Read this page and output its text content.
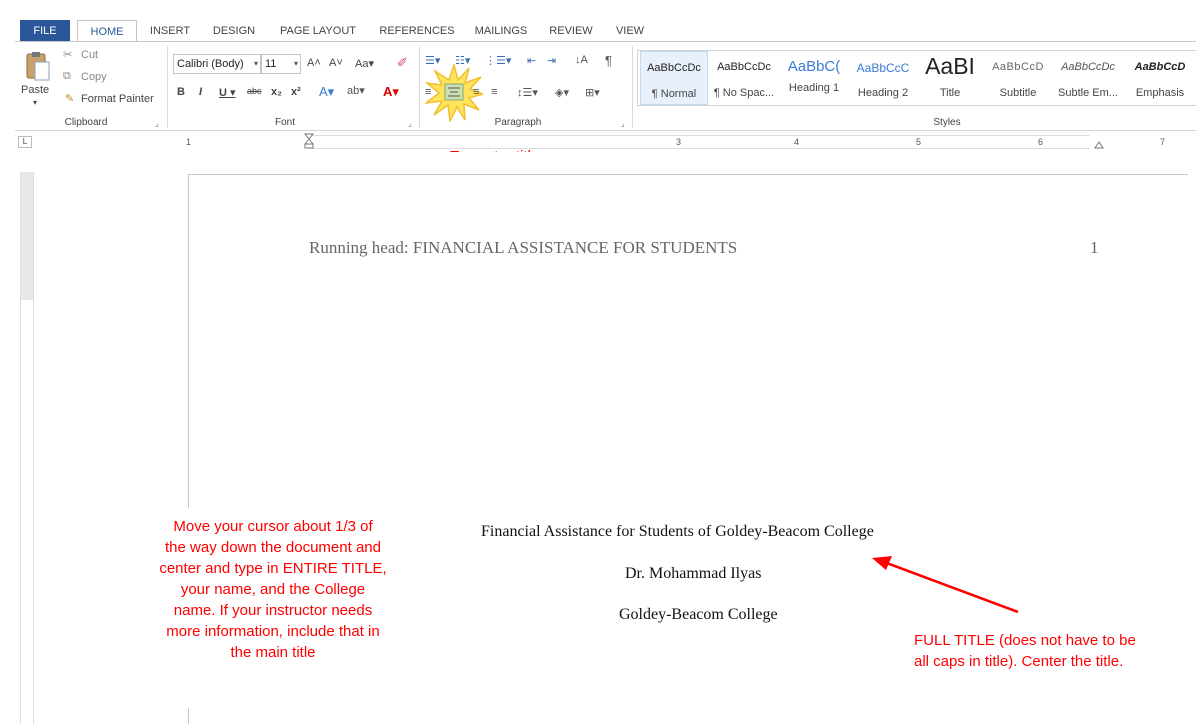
FILE	HOME	INSERT	DESIGN	PAGE LAYOUT	REFERENCES	MAILINGS	REVIEW	VIEW
Paste
▾
✂ Cut
⧉ Copy
✎ Format Painter
Clipboard	⌟
Calibri (Body) ▾ 11 ▾ A˄ A˅ Aa▾ ✐
B I U ▾ abc x₂ x² A▾ ab▾ A▾
Font	⌟
☰▾ ☷▾ ⋮☰▾ ⇤ ⇥ ↓A ¶
≡	≡ ≡ ↕☰▾ ◈▾ ⊞▾
Paragraph	⌟
AaBbCcDc
¶ Normal
AaBbCcDc
¶ No Spac...
AaBbC(
Heading 1
AaBbCcC
Heading 2
AaBI
Title
AaBbCcD
Subtitle
AaBbCcDc
Subtle Em...
AaBbCcD
Emphasis
Styles
L	1	3	4	5	6	7
Running head: FINANCIAL ASSISTANCE FOR STUDENTS	1
Financial Assistance for Students of Goldey-Beacom College
Dr. Mohammad Ilyas
Goldey-Beacom College
Move your cursor about 1/3 of
the way down the document and
center and type in ENTIRE TITLE,
your name, and the College
name. If your instructor needs
more information, include that in
the main title
FULL TITLE (does not have to be
all caps in title). Center the title.
